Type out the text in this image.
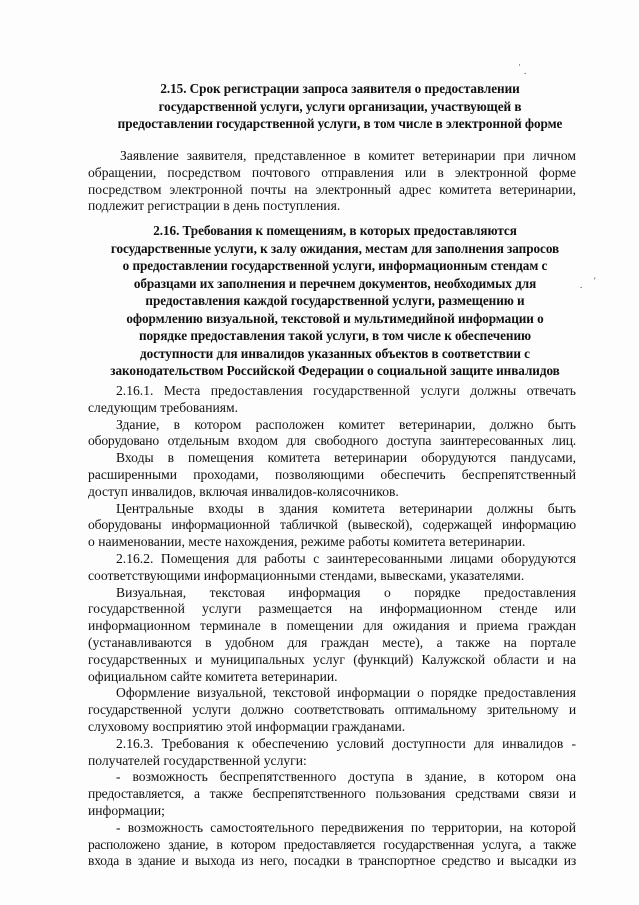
2.15. Срок регистрации запроса заявителя о предоставлении
государственной услуги, услуги организации, участвующей в
предоставлении государственной услуги, в том числе в электронной форме
Заявление заявителя, представленное в комитет ветеринарии при личном
обращении, посредством почтового отправления или в электронной форме
посредством электронной почты на электронный адрес комитета ветеринарии,
подлежит регистрации в день поступления.
2.16. Требования к помещениям, в которых предоставляются
государственные услуги, к залу ожидания, местам для заполнения запросов
о предоставлении государственной услуги, информационным стендам с
образцами их заполнения и перечнем документов, необходимых для
предоставления каждой государственной услуги, размещению и
оформлению визуальной, текстовой и мультимедийной информации о
порядке предоставления такой услуги, в том числе к обеспечению
доступности для инвалидов указанных объектов в соответствии с
законодательством Российской Федерации о социальной защите инвалидов
2.16.1. Места предоставления государственной услуги должны отвечать
следующим требованиям.
Здание, в котором расположен комитет ветеринарии, должно быть
оборудовано отдельным входом для свободного доступа заинтересованных лиц.
Входы в помещения комитета ветеринарии оборудуются пандусами,
расширенными проходами, позволяющими обеспечить беспрепятственный
доступ инвалидов, включая инвалидов-колясочников.
Центральные входы в здания комитета ветеринарии должны быть
оборудованы информационной табличкой (вывеской), содержащей информацию
о наименовании, месте нахождения, режиме работы комитета ветеринарии.
2.16.2. Помещения для работы с заинтересованными лицами оборудуются
соответствующими информационными стендами, вывесками, указателями.
Визуальная, текстовая информация о порядке предоставления
государственной услуги размещается на информационном стенде или
информационном терминале в помещении для ожидания и приема граждан
(устанавливаются в удобном для граждан месте), а также на портале
государственных и муниципальных услуг (функций) Калужской области и на
официальном сайте комитета ветеринарии.
Оформление визуальной, текстовой информации о порядке предоставления
государственной услуги должно соответствовать оптимальному зрительному и
слуховому восприятию этой информации гражданами.
2.16.3. Требования к обеспечению условий доступности для инвалидов -
получателей государственной услуги:
- возможность беспрепятственного доступа в здание, в котором она
предоставляется, а также беспрепятственного пользования средствами связи и
информации;
- возможность самостоятельного передвижения по территории, на которой
расположено здание, в котором предоставляется государственная услуга, а также
входа в здание и выхода из него, посадки в транспортное средство и высадки из
·
.
'
.
